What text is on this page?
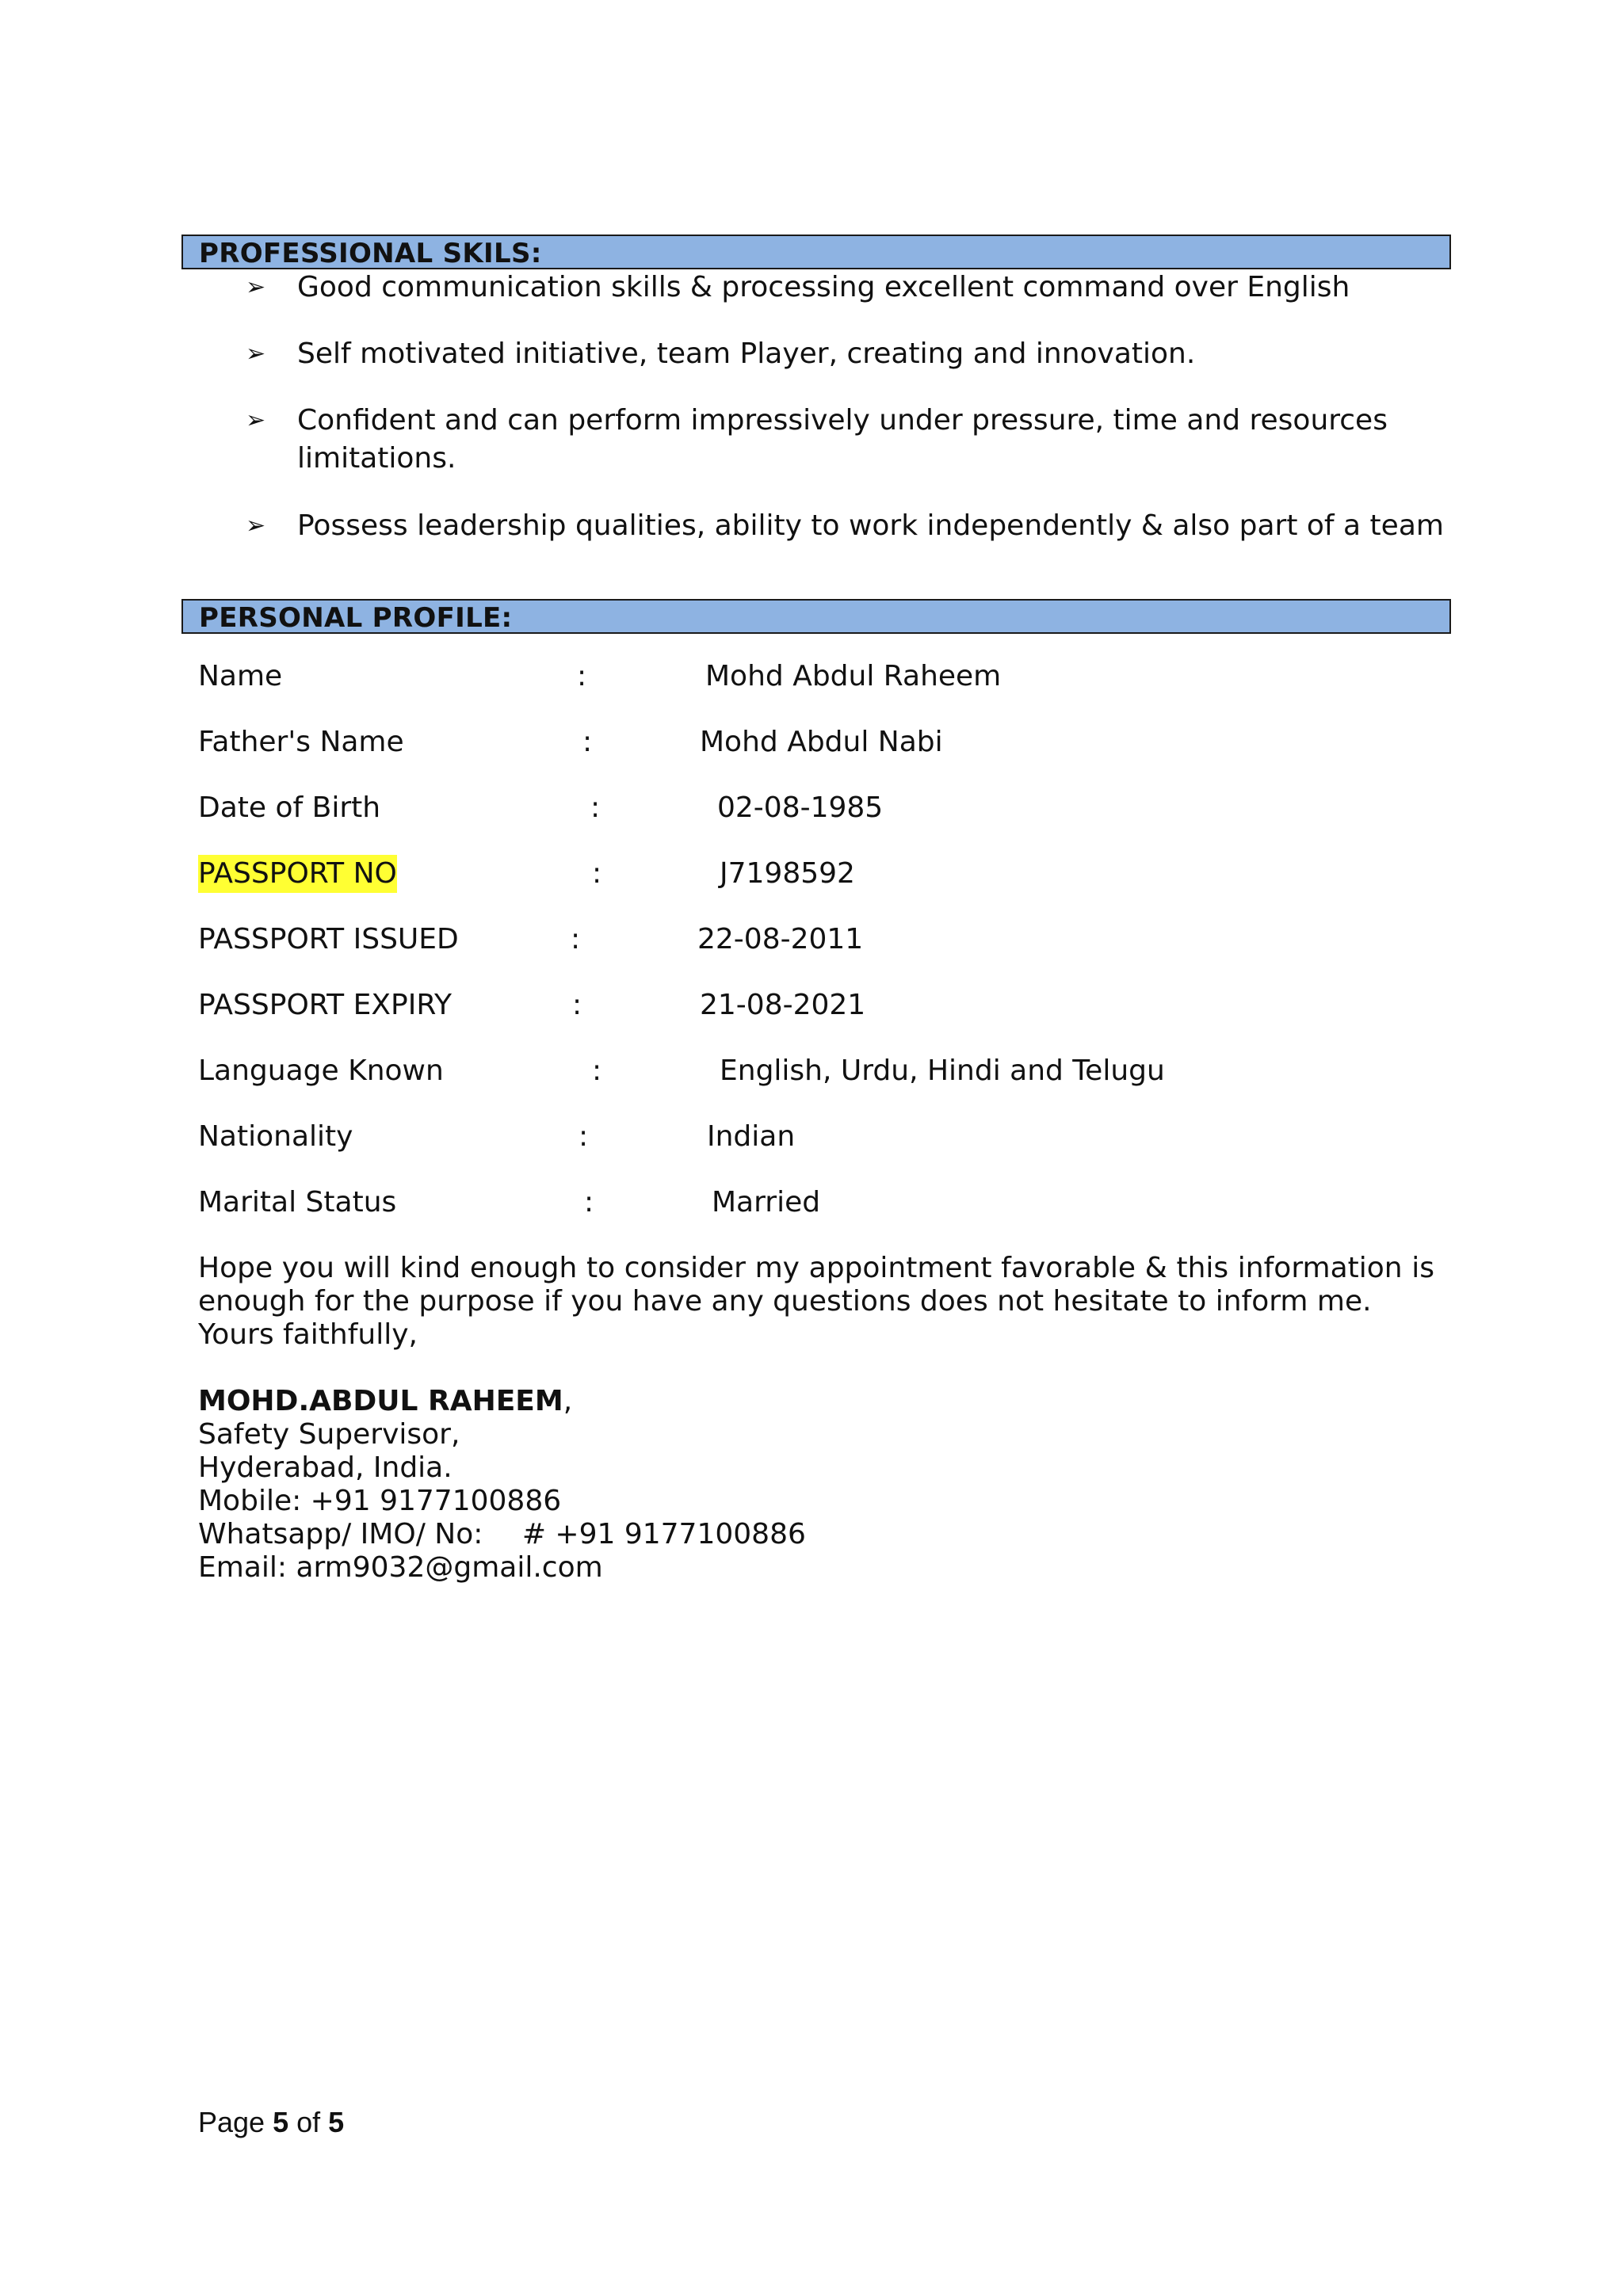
PROFESSIONAL SKILS:
➢ Good communication skills & processing excellent command over English
➢ Self motivated initiative, team Player, creating and innovation.
➢ Confident and can perform impressively under pressure, time and resources limitations.
➢ Possess leadership qualities, ability to work independently & also part of a team
PERSONAL PROFILE:
Name	:	Mohd Abdul Raheem
Father's Name	:	Mohd Abdul Nabi
Date of Birth	:	02-08-1985
PASSPORT NO	:	J7198592
PASSPORT ISSUED	:	22-08-2011
PASSPORT EXPIRY	:	21-08-2021
Language Known	:	English, Urdu, Hindi and Telugu
Nationality	:	Indian
Marital Status	:	Married
Hope you will kind enough to consider my appointment favorable & this information is enough for the purpose if you have any questions does not hesitate to inform me.
Yours faithfully,
MOHD.ABDUL RAHEEM,
Safety Supervisor,
Hyderabad, India.
Mobile: +91 9177100886
Whatsapp/ IMO/ No: # +91 9177100886
Email: arm9032@gmail.com
Page 5 of 5
